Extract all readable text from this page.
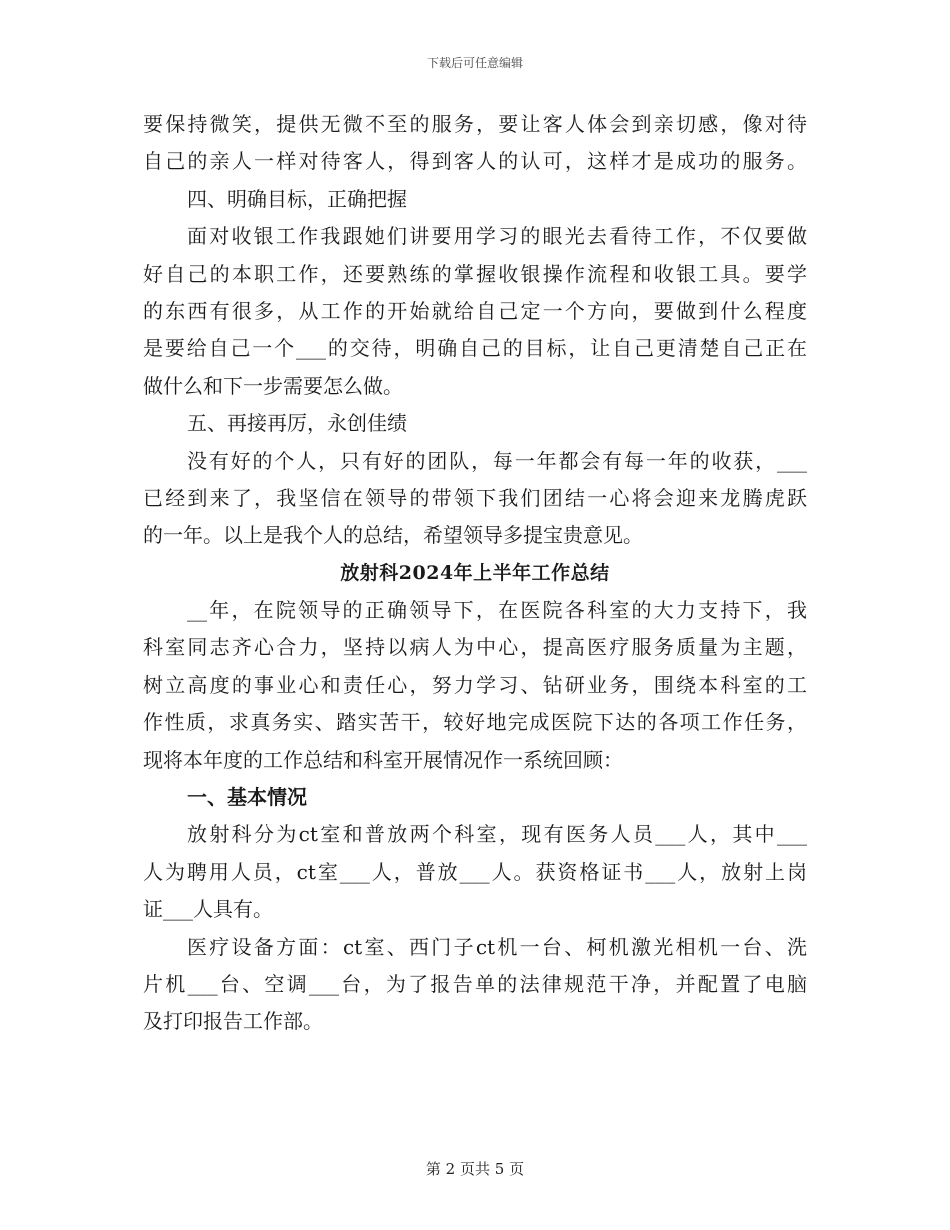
下载后可任意编辑
要保持微笑，提供无微不至的服务，要让客人体会到亲切感，像对待
自己的亲人一样对待客人，得到客人的认可，这样才是成功的服务。
四、明确目标，正确把握
面对收银工作我跟她们讲要用学习的眼光去看待工作，不仅要做
好自己的本职工作，还要熟练的掌握收银操作流程和收银工具。要学
的东西有很多，从工作的开始就给自己定一个方向，要做到什么程度
是要给自己一个___的交待，明确自己的目标，让自己更清楚自己正在
做什么和下一步需要怎么做。
五、再接再厉，永创佳绩
没有好的个人，只有好的团队，每一年都会有每一年的收获，___
已经到来了，我坚信在领导的带领下我们团结一心将会迎来龙腾虎跃
的一年。以上是我个人的总结，希望领导多提宝贵意见。
放射科2024年上半年工作总结
__年，在院领导的正确领导下，在医院各科室的大力支持下，我
科室同志齐心合力，坚持以病人为中心，提高医疗服务质量为主题，
树立高度的事业心和责任心，努力学习、钻研业务，围绕本科室的工
作性质，求真务实、踏实苦干，较好地完成医院下达的各项工作任务，
现将本年度的工作总结和科室开展情况作一系统回顾：
一、基本情况
放射科分为ct室和普放两个科室，现有医务人员___人，其中___
人为聘用人员，ct室___人，普放___人。获资格证书___人，放射上岗
证___人具有。
医疗设备方面：ct室、西门子ct机一台、柯机激光相机一台、洗
片机___台、空调___台，为了报告单的法律规范干净，并配置了电脑
及打印报告工作部。
第 2 页共 5 页
